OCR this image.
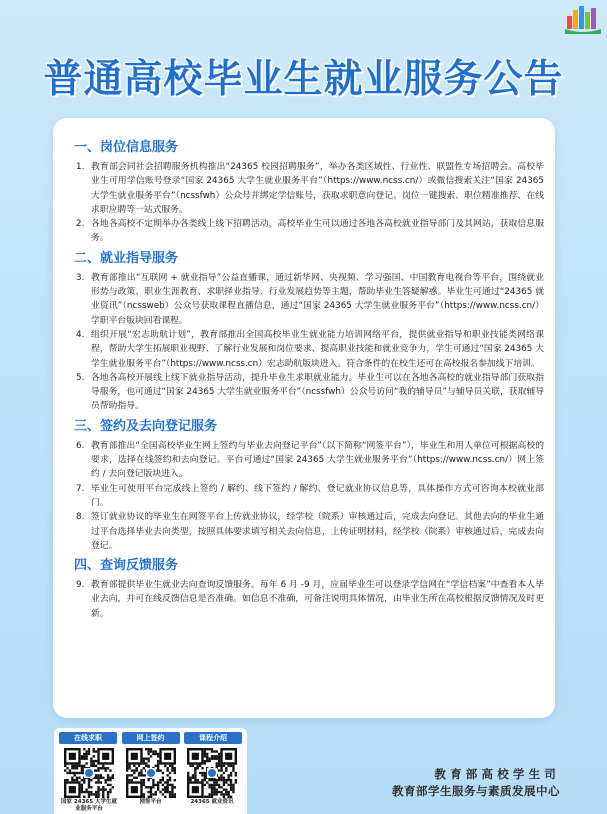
普通高校毕业生就业服务公告
一、岗位信息服务
1. 教育部会同社会招聘服务机构推出“24365 校园招聘服务”，举办各类区域性、行业性、联盟性专场招聘会。高校毕业生可用学信账号登录“国家 24365 大学生就业服务平台”（https://www.ncss.cn/）或微信搜索关注“国家 24365 大学生就业服务平台”（ncssfwh）公众号并绑定学信账号，获取求职意向登记、岗位一键搜索、职位精准推荐、在线求职应聘等一站式服务。
2. 各地各高校不定期举办各类线上线下招聘活动，高校毕业生可以通过各地各高校就业指导部门及其网站，获取信息服务。
二、就业指导服务
3. 教育部推出“互联网 + 就业指导”公益直播课，通过新华网、央视频、学习强国、中国教育电视台等平台，围绕就业形势与政策、职业生涯教育、求职择业指导、行业发展趋势等主题，帮助毕业生答疑解惑。毕业生可通过“24365 就业资讯”（ncssweb）公众号获取课程直播信息，通过“国家 24365 大学生就业服务平台”（https://www.ncss.cn/）学职平台版块回看课程。
4. 组织开展“宏志助航计划”，教育部推出全国高校毕业生就业能力培训网络平台，提供就业指导和职业技能类网络课程，帮助大学生拓展职业视野、了解行业发展和岗位要求、提高职业技能和就业竞争力，学生可通过“国家 24365 大学生就业服务平台”（https://www.ncss.cn）宏志助航版块进入。符合条件的在校生还可在高校报名参加线下培训。
5. 各地各高校开展线上线下就业指导活动，提升毕业生求职就业能力。毕业生可以在各地各高校的就业指导部门获取指导服务，也可通过“国家 24365 大学生就业服务平台”（ncssfwh）公众号访问“我的辅导员”与辅导员关联，获取辅导员帮助指导。
三、签约及去向登记服务
6. 教育部推出“全国高校毕业生网上签约与毕业去向登记平台”（以下简称“网签平台”），毕业生和用人单位可根据高校的要求，选择在线签约和去向登记。平台可通过“国家 24365 大学生就业服务平台”（https://www.ncss.cn/）网上签约 / 去向登记版块进入。
7. 毕业生可使用平台完成线上签约 / 解约、线下签约 / 解约、登记就业协议信息等，具体操作方式可咨询本校就业部门。
8. 签订就业协议的毕业生在网签平台上传就业协议，经学校（院系）审核通过后，完成去向登记。其他去向的毕业生通过平台选择毕业去向类型，按照具体要求填写相关去向信息，上传证明材料，经学校（院系）审核通过后，完成去向登记。
四、查询反馈服务
9. 教育部提供毕业生就业去向查询反馈服务。每年 6 月 -9 月，应届毕业生可以登录学信网在“学信档案”中查看本人毕业去向，并可在线反馈信息是否准确。如信息不准确，可备注说明具体情况，由毕业生所在高校根据反馈情况及时更新。
在线求职	网上签约	课程介绍
国家 24365 大学生就业服务平台
网签平台	24365 就业资讯
教育部高校学生司
教育部学生服务与素质发展中心
